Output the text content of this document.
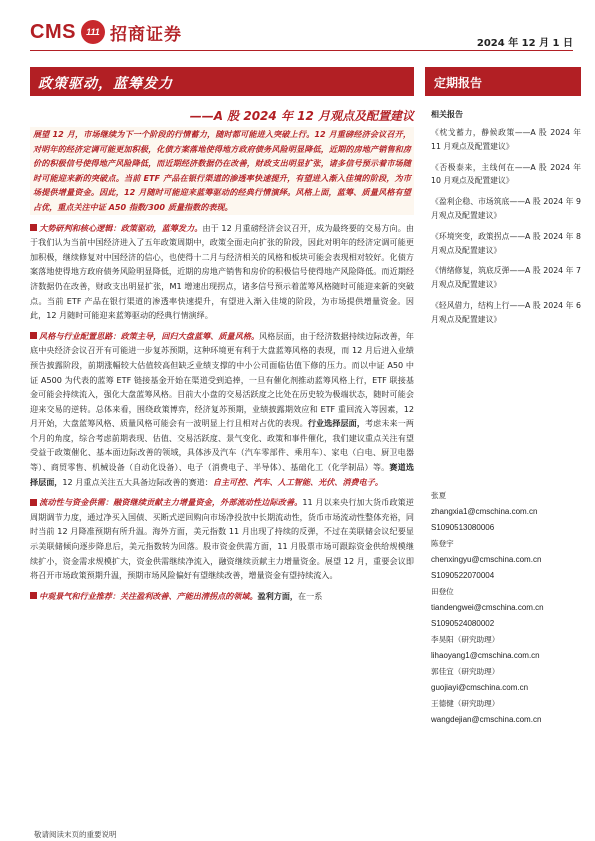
CMS 111 招商证券	2024 年 12 月 1 日
政策驱动，蓝筹发力
——A 股 2024 年 12 月观点及配置建议
展望 12 月，市场继续为下一个阶段的行情蓄力，随时都可能进入突破上行。12 月重磅经济会议召开，对明年的经济定调可能更加积极，化债方案落地使得地方政府债务风险明显降低，近期的房地产销售和房价的积极信号使得地产风险降低，而近期经济数据仍在改善，财政支出明显扩张，诸多信号预示着市场随时可能迎来新的突破点。当前 ETF 产品在银行渠道的渗透率快速提升，有望进入渐入佳境的阶段，为市场提供增量资金。因此，12 月随时可能迎来蓝筹驱动的经典行情演绎。风格上面，蓝筹、质量风格有望占优，重点关注中证 A50 指数/300 质量指数的表现。
大势研判和核心逻辑：政策驱动，蓝筹发力。由于 12 月重磅经济会议召开，成为最终要的交易方向。由于我们认为当前中国经济进入了五年政策周期中，政策全面走向扩张的阶段，因此对明年的经济定调可能更加积极，继续修复对中国经济的信心，也使得十二月与经济相关的风格和板块可能会表现相对较好。化债方案落地使得地方政府债务风险明显降低，近期的房地产销售和房价的积极信号使得地产风险降低。而近期经济数据仍在改善，财政支出明显扩张，M1 增速出现拐点，诸多信号预示着蓝筹风格随时可能迎来新的突破点。当前 ETF 产品在银行渠道的渗透率快速提升，有望进入渐入佳境的阶段，为市场提供增量资金。因此，12 月随时可能迎来蓝筹驱动的经典行情演绎。
风格与行业配置思路：政策主导，回归大盘蓝筹、质量风格。风格层面，由于经济数据持续边际改善，年底中央经济会议召开有可能进一步复苏预期，这种环境更有利于大盘蓝筹风格的表现，而 12 月后进入业绩预告披露阶段，前期涨幅较大估值较高但缺乏业绩支撑的中小公司面临估值下修的压力。而以中证 A50 中证 A500 为代表的蓝筹 ETF 链接基金开始在渠道受到追捧，一旦有催化剂推动蓝筹风格上行，ETF 联接基金可能会持续流入，强化大盘蓝筹风格。目前大小盘的交易活跃度之比处在历史较为极端状态，随时可能会迎来交易的逆转。总体来看，围绕政策博弈，经济复苏预期，业绩披露期效应和 ETF 重回流入等因素，12 月开始，大盘蓝筹风格、质量风格可能会有一波明显上行且相对占优的表现。行业选择层面，考虑未来一两个月的角度，综合考虑前期表现、估值、交易活跃度、景气变化、政策和事件催化，我们建议重点关注有望受益于政策催化、基本面边际改善的领域，具体涉及汽车（汽车零部件、乘用车）、家电（白电、厨卫电器等）、商贸零售、机械设备（自动化设备）、电子（消费电子、半导体）、基础化工（化学制品）等。赛道选择层面，12 月重点关注五大具备边际改善的赛道：自主可控、汽车、人工智能、光伏、消费电子。
流动性与资金供需：融资继续贡献主力增量资金，外部流动性边际改善。11 月以来央行加大货币政策逆周期调节力度，通过净买入国债、买断式逆回购向市场净投放中长期流动性，货币市场流动性整体充裕，同时当前 12 月降准预期有所升温。海外方面，美元指数 11 月出现了持续的反弹，不过在美联储会议纪要显示美联储倾向逐步降息后，美元指数转为回落。股市资金供需方面，11 月股票市场可跟踪资金供给规模继续扩小，资金需求规模扩大，资金供需继续净流入，融资继续贡献主力增量资金。展望 12 月，重要会议即将召开市场政策预期升温，预期市场风险偏好有望继续改善，增量资金有望持续流入。
中观景气和行业推荐：关注盈利改善、产能出清拐点的领域。盈利方面，在一系
敬请阅读末页的重要说明
定期报告
相关报告
《枕戈蓄力，静候政策——A 股 2024 年 11 月观点及配置建议》
《否极泰来，主线何在——A 股 2024 年 10 月观点及配置建议》
《盈利企稳、市场筑底——A 股 2024 年 9 月观点及配置建议》
《环境突变，政策拐点——A 股 2024 年 8 月观点及配置建议》
《情绪修复，筑底反弹——A 股 2024 年 7 月观点及配置建议》
《轻风借力，结构上行——A 股 2024 年 6 月观点及配置建议》
张夏
zhangxia1@cmschina.com.cn
S1090513080006
陈登宇
chenxingyu@cmschina.com.cn
S1090522070004
田登位
tiandengwei@cmschina.com.cn
S1090524080002
李昊阳（研究助理）
lihaoyang1@cmschina.com.cn
郭佳宜（研究助理）
guojiayi@cmschina.com.cn
王德健（研究助理）
wangdejian@cmschina.com.cn
